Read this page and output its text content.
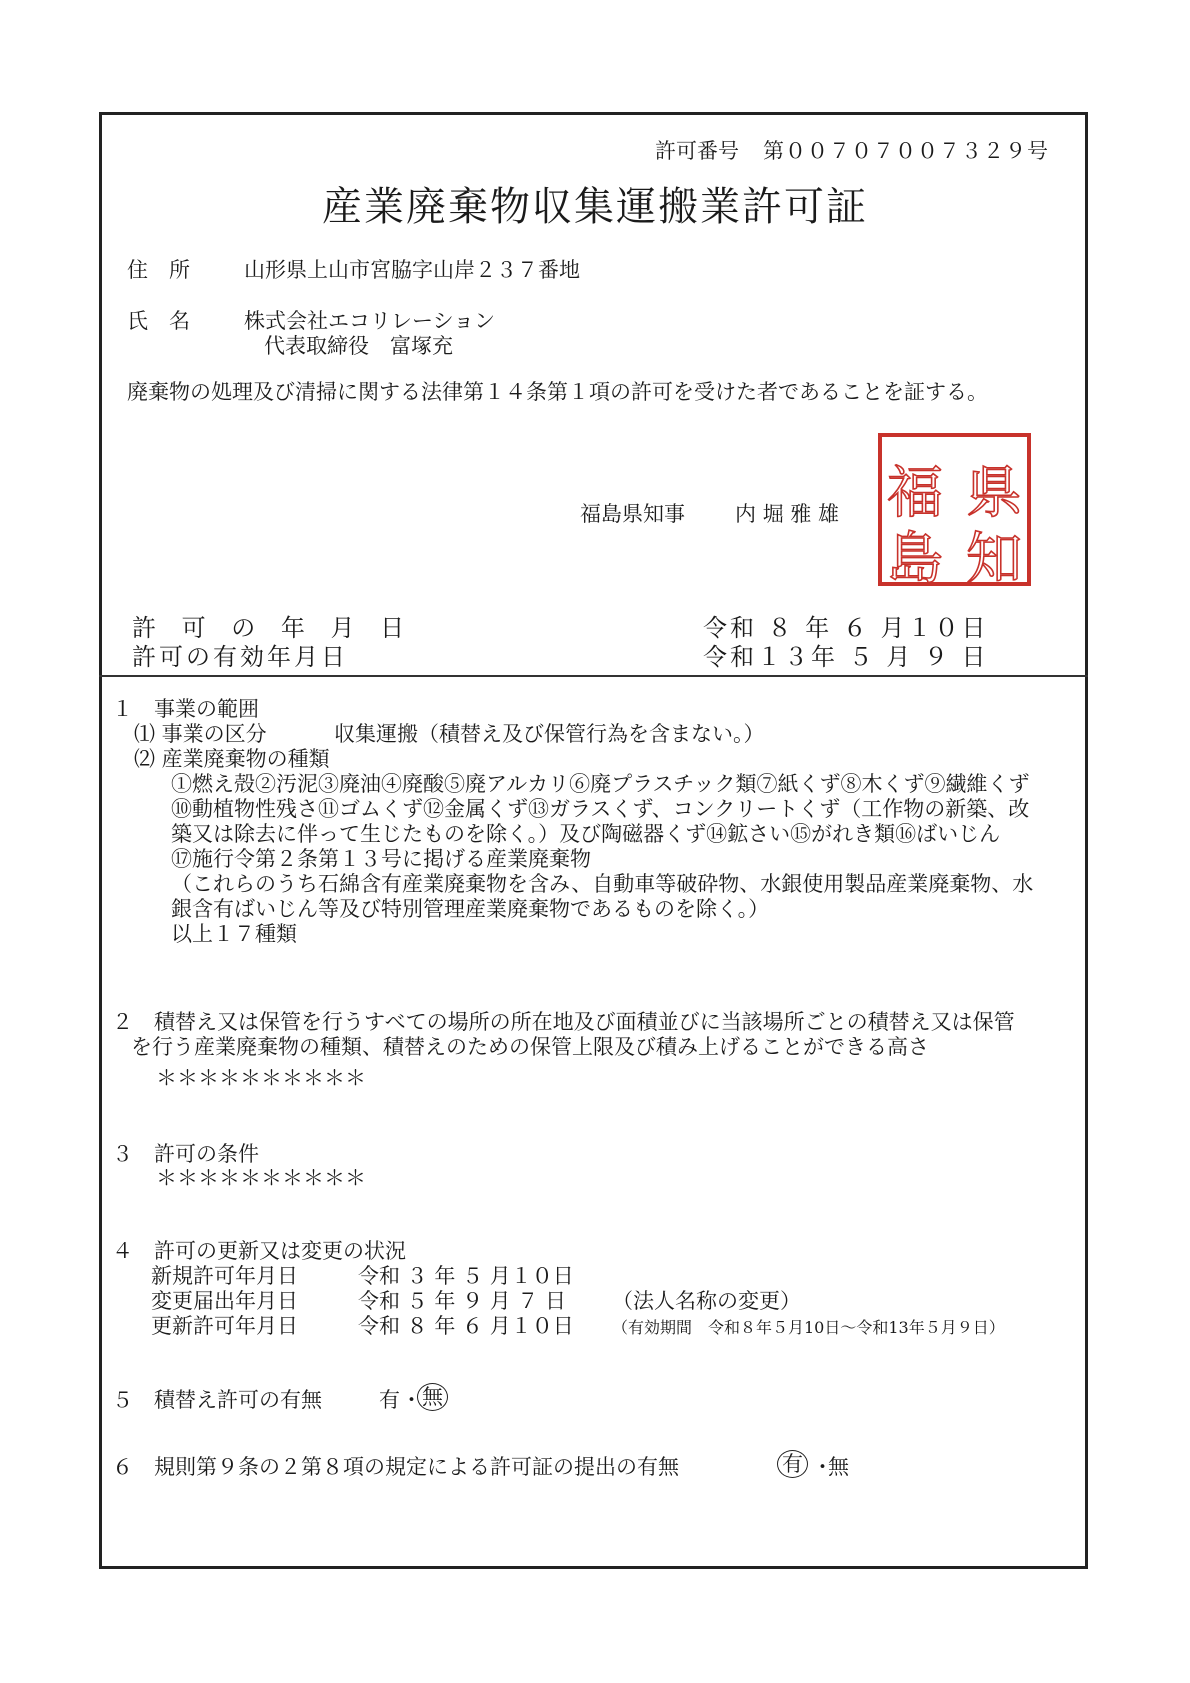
許可番号 第００７０７００７３２９号
産業廃棄物収集運搬業許可証
住　所	山形県上山市宮脇字山岸２３７番地
氏　名	株式会社エコリレーション
代表取締役　富塚充
廃棄物の処理及び清掃に関する法律第１４条第１項の許可を受けた者であることを証する。
福島県知事 内 堀 雅 雄 福
島
県
知
許 可 の 年 月 日	令和 ８ 年 ６ 月１０日
許可の有効年月日	令和１３年 ５ 月 ９ 日
１　事業の範囲
⑴ 事業の区分	収集運搬（積替え及び保管行為を含まない。）
⑵ 産業廃棄物の種類
①燃え殻②汚泥③廃油④廃酸⑤廃アルカリ⑥廃プラスチック類⑦紙くず⑧木くず⑨繊維くず
⑩動植物性残さ⑪ゴムくず⑫金属くず⑬ガラスくず、コンクリートくず（工作物の新築、改
築又は除去に伴って生じたものを除く。）及び陶磁器くず⑭鉱さい⑮がれき類⑯ばいじん
⑰施行令第２条第１３号に掲げる産業廃棄物
（これらのうち石綿含有産業廃棄物を含み、自動車等破砕物、水銀使用製品産業廃棄物、水
銀含有ばいじん等及び特別管理産業廃棄物であるものを除く。）
以上１７種類
２　積替え又は保管を行うすべての場所の所在地及び面積並びに当該場所ごとの積替え又は保管
を行う産業廃棄物の種類、積替えのための保管上限及び積み上げることができる高さ
＊＊＊＊＊＊＊＊＊＊
３　許可の条件
＊＊＊＊＊＊＊＊＊＊
４　許可の更新又は変更の状況
新規許可年月日	令和 ３ 年 ５ 月１０日
変更届出年月日	令和 ５ 年 ９ 月 ７ 日 （法人名称の変更）
更新許可年月日	令和 ８ 年 ６ 月１０日 （有効期間　令和８年５月10日～令和13年５月９日）
５　積替え許可の有無	有 ・ 無
６　規則第９条の２第８項の規定による許可証の提出の有無	有 ・
無
